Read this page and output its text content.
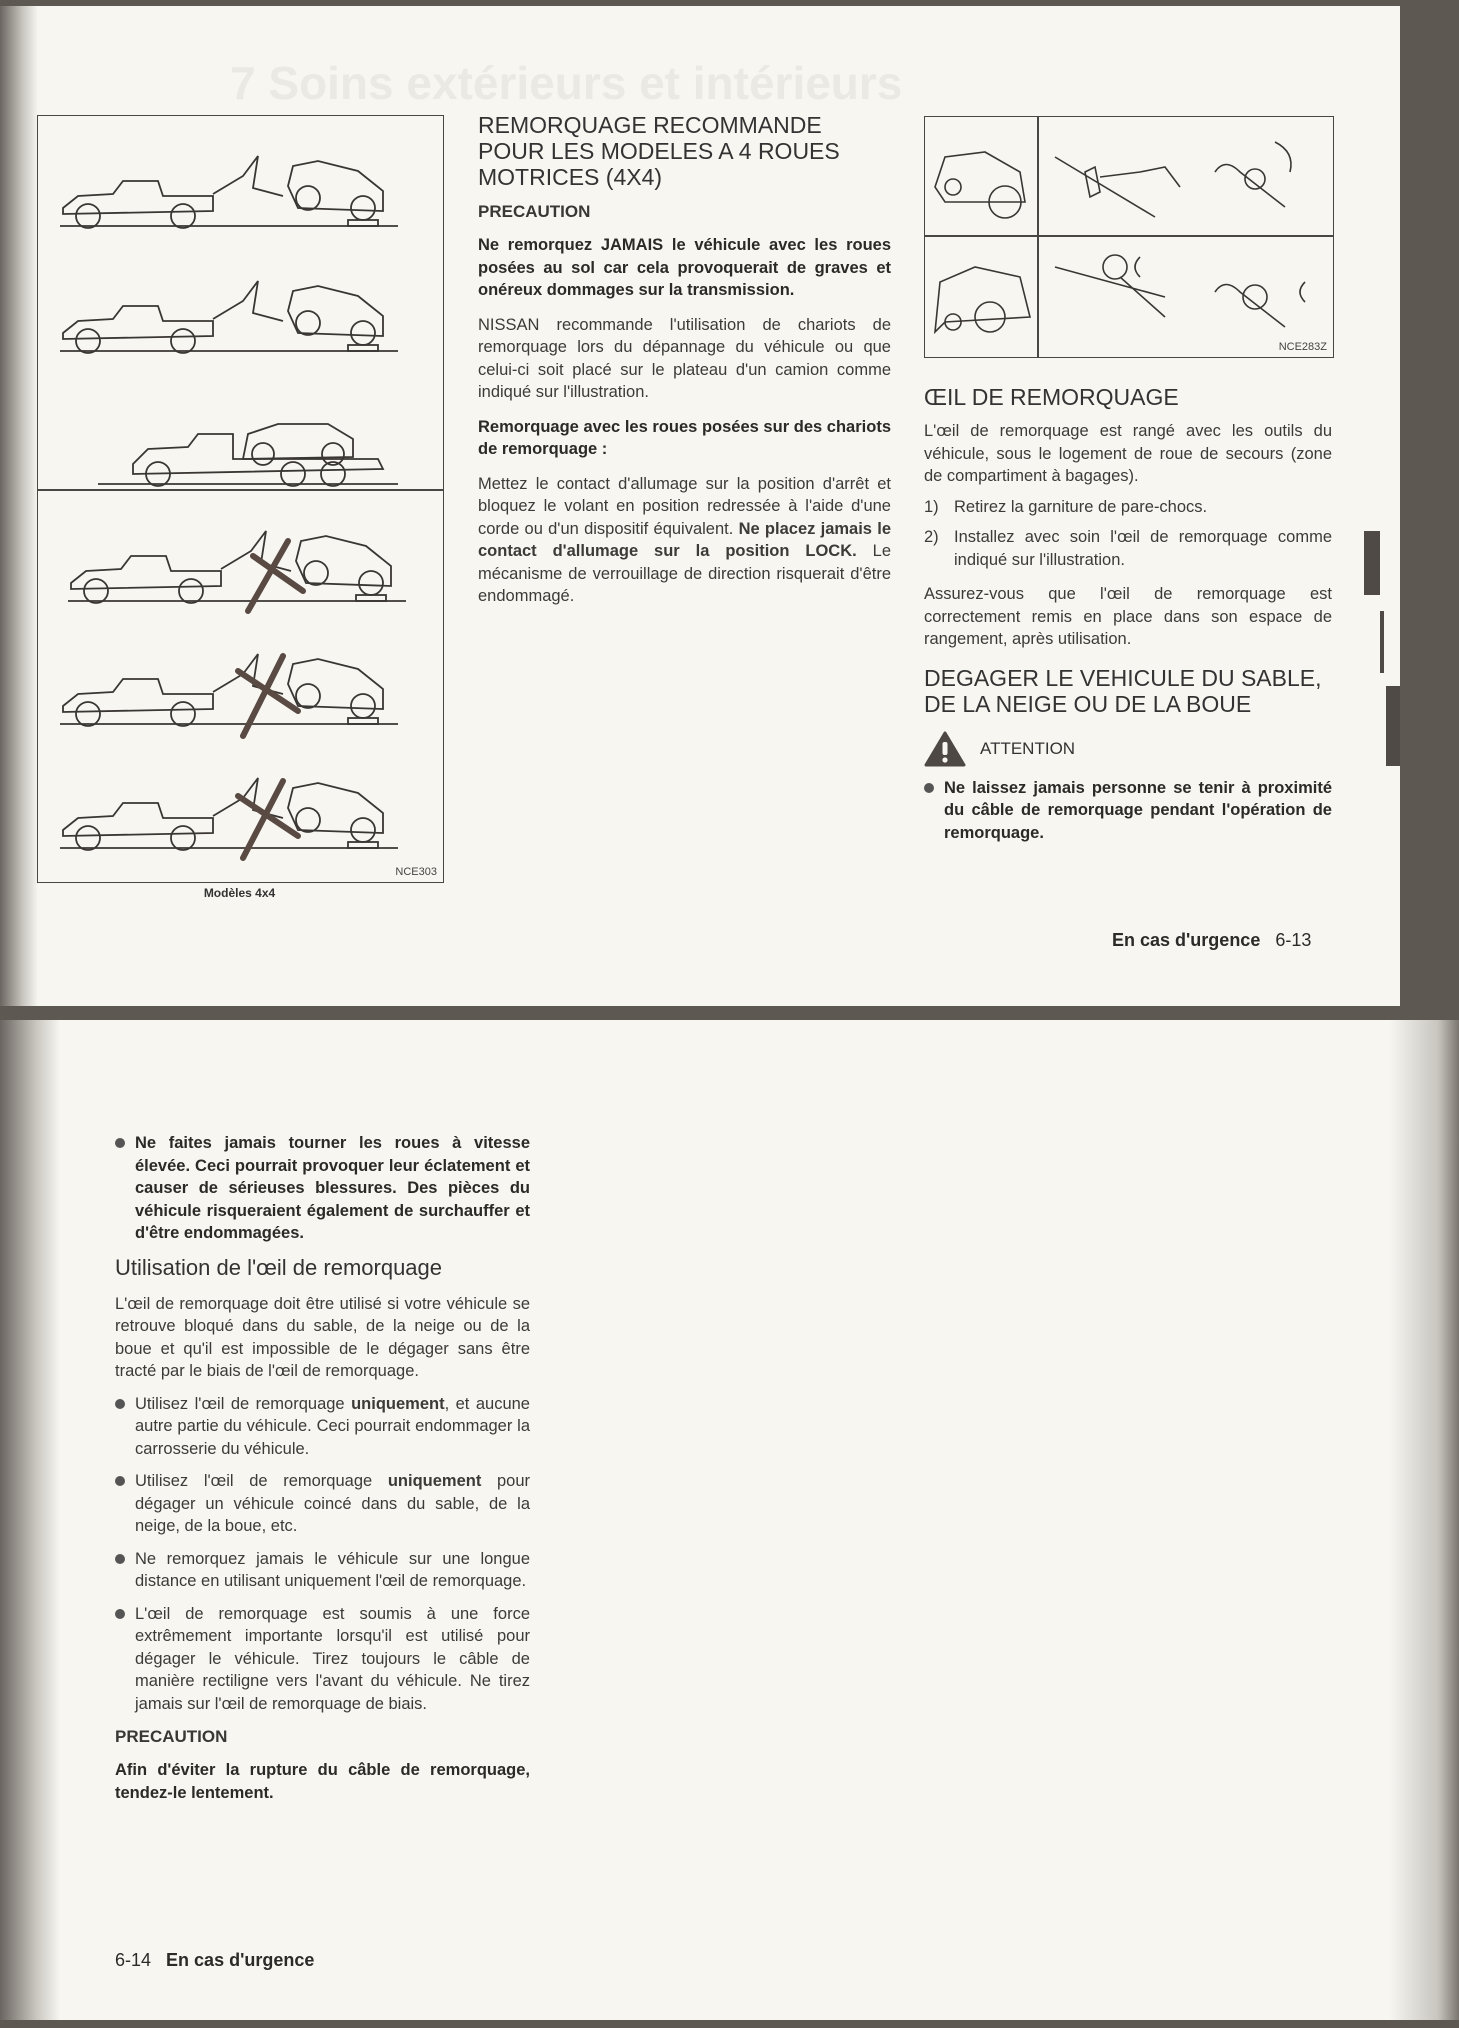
7 Soins extérieurs et intérieurs
NCE303
Modèles 4x4
REMORQUAGE RECOMMANDE POUR LES MODELES A 4 ROUES MOTRICES (4X4)
PRECAUTION

Ne remorquez JAMAIS le véhicule avec les roues posées au sol car cela provoquerait de graves et onéreux dommages sur la transmission.

NISSAN recommande l'utilisation de chariots de remorquage lors du dépannage du véhicule ou que celui-ci soit placé sur le plateau d'un camion comme indiqué sur l'illustration.

Remorquage avec les roues posées sur des chariots de remorquage :

Mettez le contact d'allumage sur la position d'arrêt et bloquez le volant en position redressée à l'aide d'une corde ou d'un dispositif équivalent. Ne placez jamais le contact d'allumage sur la position LOCK. Le mécanisme de verrouillage de direction risquerait d'être endommagé.

NCE283Z
ŒIL DE REMORQUAGE

L'œil de remorquage est rangé avec les outils du véhicule, sous le logement de roue de secours (zone de compartiment à bagages).

1) Retirez la garniture de pare-chocs.

2) Installez avec soin l'œil de remorquage comme indiqué sur l'illustration.

Assurez-vous que l'œil de remorquage est correctement remis en place dans son espace de rangement, après utilisation.

DEGAGER LE VEHICULE DU SABLE, DE LA NEIGE OU DE LA BOUE
ATTENTION

Ne laissez jamais personne se tenir à proximité du câble de remorquage pendant l'opération de remorquage.

En cas d'urgence 6-13

Ne faites jamais tourner les roues à vitesse élevée. Ceci pourrait provoquer leur éclatement et causer de sérieuses blessures. Des pièces du véhicule risqueraient également de surchauffer et d'être endommagées.

Utilisation de l'œil de remorquage

L'œil de remorquage doit être utilisé si votre véhicule se retrouve bloqué dans du sable, de la neige ou de la boue et qu'il est impossible de le dégager sans être tracté par le biais de l'œil de remorquage.

Utilisez l'œil de remorquage uniquement, et aucune autre partie du véhicule. Ceci pourrait endommager la carrosserie du véhicule.

Utilisez l'œil de remorquage uniquement pour dégager un véhicule coincé dans du sable, de la neige, de la boue, etc.

Ne remorquez jamais le véhicule sur une longue distance en utilisant uniquement l'œil de remorquage.

L'œil de remorquage est soumis à une force extrêmement importante lorsqu'il est utilisé pour dégager le véhicule. Tirez toujours le câble de manière rectiligne vers l'avant du véhicule. Ne tirez jamais sur l'œil de remorquage de biais.

PRECAUTION

Afin d'éviter la rupture du câble de remorquage, tendez-le lentement.

6-14 En cas d'urgence
